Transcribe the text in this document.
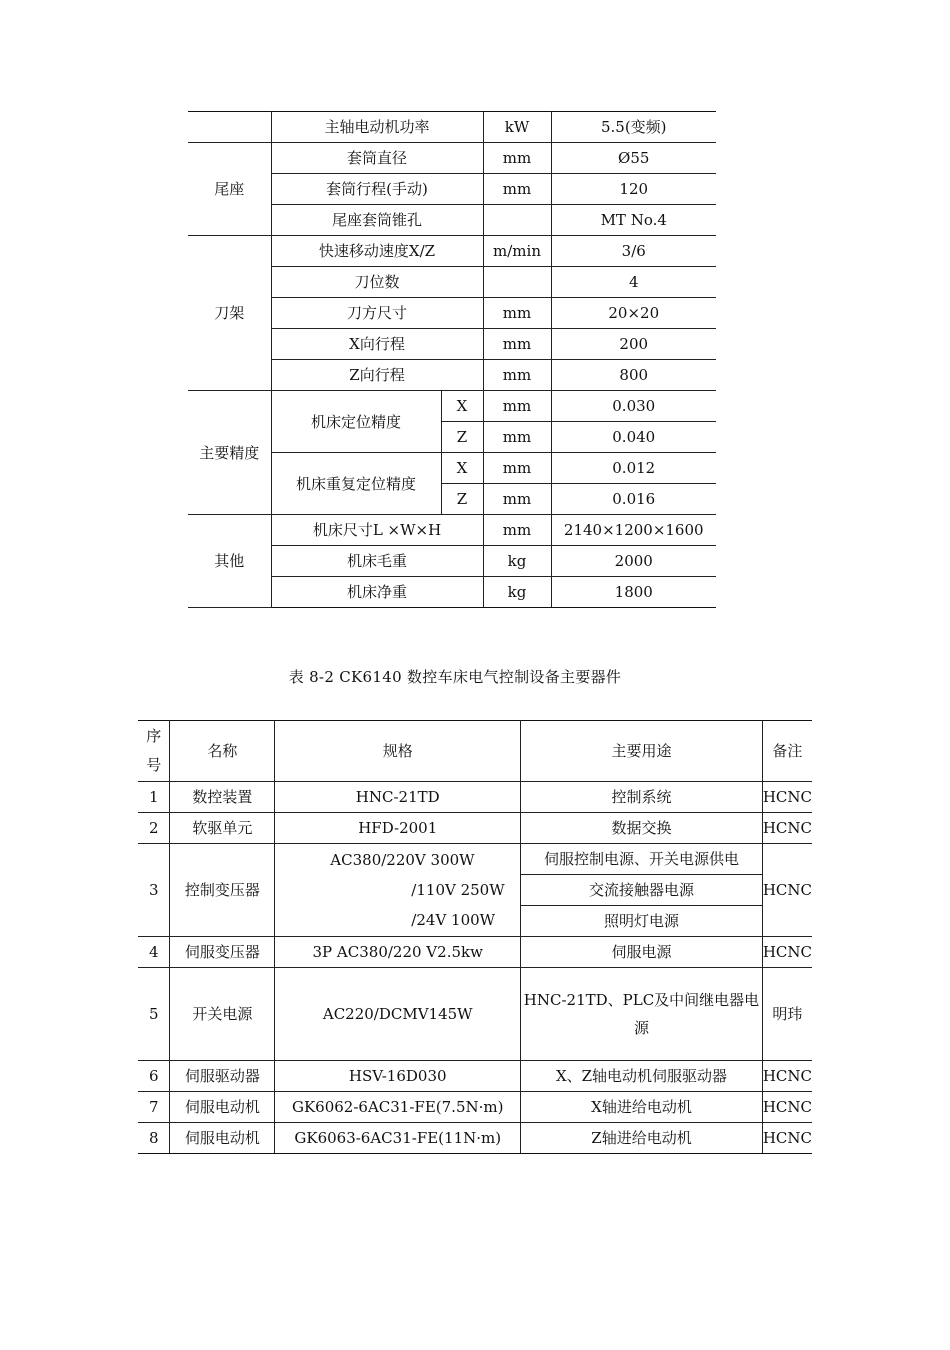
	主轴电动机功率		kW	5.5(变频)
尾座	套筒直径		mm	Ø55
	套筒行程(手动)		mm	120
	尾座套筒锥孔			MT No.4
刀架	快速移动速度X/Z		m/min	3/6
	刀位数			4
	刀方尺寸		mm	20×20
	X向行程		mm	200
	Z向行程		mm	800
主要精度	机床定位精度	X	mm	0.030
		Z	mm	0.040
	机床重复定位精度	X	mm	0.012
		Z	mm	0.016
其他	机床尺寸L ×W×H		mm	2140×1200×1600
	机床毛重		kg	2000
	机床净重		kg	1800
表 8-2 CK6140 数控车床电气控制设备主要器件
序
号	名称	规格	主要用途	备注
1	数控装置	HNC-21TD	控制系统	HCNC
2	软驱单元	HFD-2001	数据交换	HCNC
3	控制变压器	AC380/220V 300W
/110V 250W
/24V 100W	伺服控制电源、开关电源供电	HCNC
			交流接触器电源	
			照明灯电源	
4	伺服变压器	3P AC380/220 V2.5kw	伺服电源	HCNC
5	开关电源	AC220/DCMV145W	HNC-21TD、PLC及中间继电器电
源	明玮
6	伺服驱动器	HSV-16D030	X、Z轴电动机伺服驱动器	HCNC
7	伺服电动机	GK6062-6AC31-FE(7.5N·m)	X轴进给电动机	HCNC
8	伺服电动机	GK6063-6AC31-FE(11N·m)	Z轴进给电动机	HCNC
